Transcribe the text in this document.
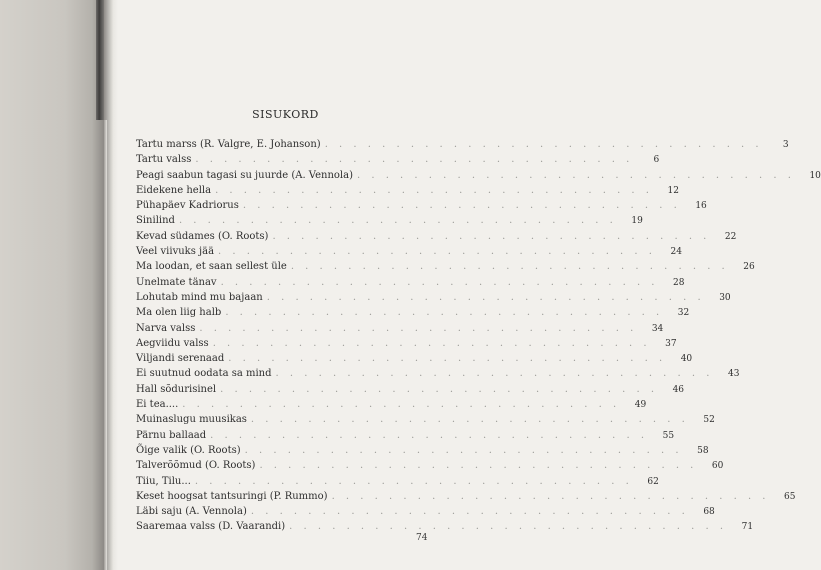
SISUKORD
Tartu marss (R. Valgre, E. Johanson) . . . . . . . . . . . . . . . . . . . . . . . . . . . . . . .	3
Tartu valss . . . . . . . . . . . . . . . . . . . . . . . . . . . . . . .	6
Peagi saabun tagasi su juurde (A. Vennola) . . . . . . . . . . . . . . . . . . . . . . . . . . . . . . .	10
Eidekene hella . . . . . . . . . . . . . . . . . . . . . . . . . . . . . . .	12
Pühapäev Kadriorus . . . . . . . . . . . . . . . . . . . . . . . . . . . . . . .	16
Sinilind . . . . . . . . . . . . . . . . . . . . . . . . . . . . . . .	19
Kevad südames (O. Roots) . . . . . . . . . . . . . . . . . . . . . . . . . . . . . . .	22
Veel viivuks jää . . . . . . . . . . . . . . . . . . . . . . . . . . . . . . .	24
Ma loodan, et saan sellest üle . . . . . . . . . . . . . . . . . . . . . . . . . . . . . . .	26
Unelmate tänav . . . . . . . . . . . . . . . . . . . . . . . . . . . . . . .	28
Lohutab mind mu bajaan . . . . . . . . . . . . . . . . . . . . . . . . . . . . . . .	30
Ma olen liig halb . . . . . . . . . . . . . . . . . . . . . . . . . . . . . . .	32
Narva valss . . . . . . . . . . . . . . . . . . . . . . . . . . . . . . .	34
Aegviidu valss . . . . . . . . . . . . . . . . . . . . . . . . . . . . . . .	37
Viljandi serenaad . . . . . . . . . . . . . . . . . . . . . . . . . . . . . . .	40
Ei suutnud oodata sa mind . . . . . . . . . . . . . . . . . . . . . . . . . . . . . . .	43
Hall sõdurisinel . . . . . . . . . . . . . . . . . . . . . . . . . . . . . . .	46
Ei tea.... . . . . . . . . . . . . . . . . . . . . . . . . . . . . . . .	49
Muinaslugu muusikas . . . . . . . . . . . . . . . . . . . . . . . . . . . . . . .	52
Pärnu ballaad . . . . . . . . . . . . . . . . . . . . . . . . . . . . . . .	55
Õige valik (O. Roots) . . . . . . . . . . . . . . . . . . . . . . . . . . . . . . .	58
Talverõõmud (O. Roots) . . . . . . . . . . . . . . . . . . . . . . . . . . . . . . .	60
Tiiu, Tilu... . . . . . . . . . . . . . . . . . . . . . . . . . . . . . . .	62
Keset hoogsat tantsuringi (P. Rummo) . . . . . . . . . . . . . . . . . . . . . . . . . . . . . . .	65
Läbi saju (A. Vennola) . . . . . . . . . . . . . . . . . . . . . . . . . . . . . . .	68
Saaremaa valss (D. Vaarandi) . . . . . . . . . . . . . . . . . . . . . . . . . . . . . . .	71
74
